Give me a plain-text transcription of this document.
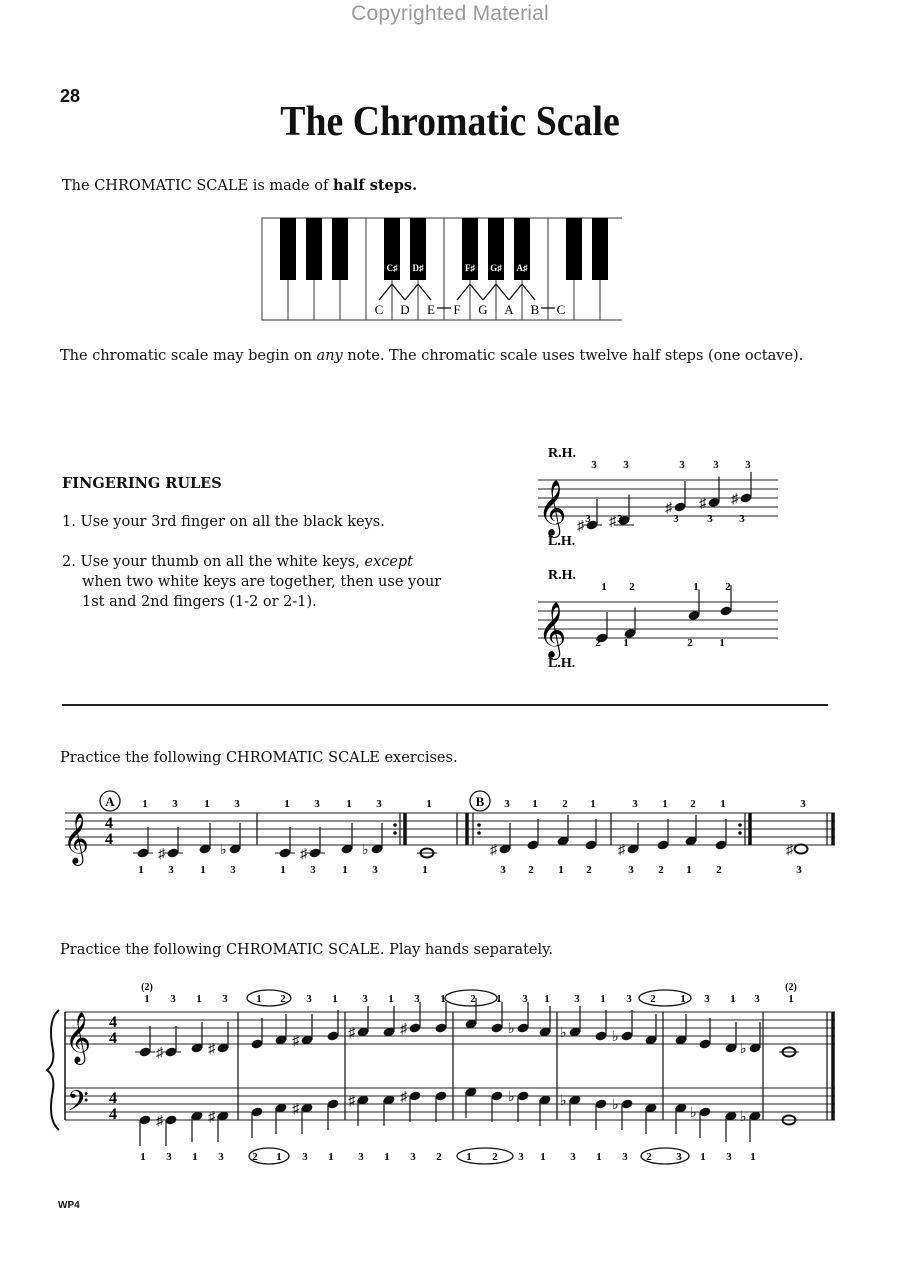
Copyrighted Material
28
The Chromatic Scale
The CHROMATIC SCALE is made of half steps.
C♯ D♯	F♯ G♯ A♯
C D E F G A B C
The chromatic scale may begin on any note. The chromatic scale uses twelve half steps (one octave).
FINGERING RULES
1. Use your 3rd finger on all the black keys.
2. Use your thumb on all the white keys, except
when two white keys are together, then use your
1st and 2nd fingers (1-2 or 2-1).
R.H.
L.H.
𝄞 ♯ ♯
♯ ♯ ♯
3 3	3	3 3
3 3	3	3 3
R.H.
L.H.
𝄞
1 2	1 2
2 1	2 1
Practice the following CHROMATIC SCALE exercises.
𝄞 4
4
A	B
♯	♭	♯	♭
1 3 1 3	1 3 1 3	1
1 3 1 3	1 3 1 3	1
♯	♯	♯
3 1 2 1	3 1 2 1	3
3 2 1 2	3 2 1 2	3
Practice the following CHROMATIC SCALE. Play hands separately.
𝄞
𝄢
4
4
4
4
♯	♯
♯
♯	♯	♭	♭	♭
♭
1 3 1 3	1 2 3 1 3 1 3 1 2 1 3 1 3 1 3 2 1 3 1 3	1
(2)	(2)
♯	♯
♯
♯	♯	♭	♭	♭
♭	♭
1 3 1 3	2 1 3 1 3 1 3 2 1 2 3 1 3 1 3 2 3 1 3 1
WP4
